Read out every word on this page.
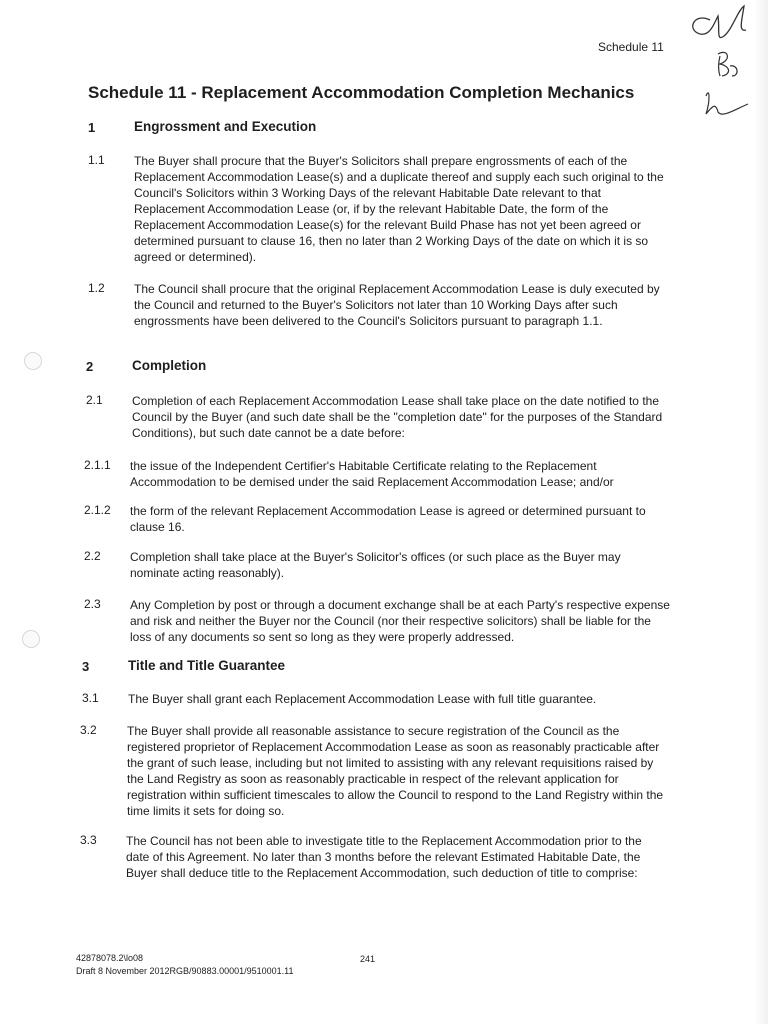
Schedule 11
Schedule 11 - Replacement Accommodation Completion Mechanics
1	Engrossment and Execution
1.1 The Buyer shall procure that the Buyer's Solicitors shall prepare engrossments of each of the Replacement Accommodation Lease(s) and a duplicate thereof and supply each such original to the Council's Solicitors within 3 Working Days of the relevant Habitable Date relevant to that Replacement Accommodation Lease (or, if by the relevant Habitable Date, the form of the Replacement Accommodation Lease(s) for the relevant Build Phase has not yet been agreed or determined pursuant to clause 16, then no later than 2 Working Days of the date on which it is so agreed or determined).
1.2 The Council shall procure that the original Replacement Accommodation Lease is duly executed by the Council and returned to the Buyer's Solicitors not later than 10 Working Days after such engrossments have been delivered to the Council's Solicitors pursuant to paragraph 1.1.
2	Completion
2.1 Completion of each Replacement Accommodation Lease shall take place on the date notified to the Council by the Buyer (and such date shall be the "completion date" for the purposes of the Standard Conditions), but such date cannot be a date before:
2.1.1 the issue of the Independent Certifier's Habitable Certificate relating to the Replacement Accommodation to be demised under the said Replacement Accommodation Lease; and/or
2.1.2 the form of the relevant Replacement Accommodation Lease is agreed or determined pursuant to clause 16.
2.2 Completion shall take place at the Buyer's Solicitor's offices (or such place as the Buyer may nominate acting reasonably).
2.3 Any Completion by post or through a document exchange shall be at each Party's respective expense and risk and neither the Buyer nor the Council (nor their respective solicitors) shall be liable for the loss of any documents so sent so long as they were properly addressed.
3	Title and Title Guarantee
3.1 The Buyer shall grant each Replacement Accommodation Lease with full title guarantee.
3.2	The Buyer shall provide all reasonable assistance to secure registration of the Council as the registered proprietor of Replacement Accommodation Lease as soon as reasonably practicable after the grant of such lease, including but not limited to assisting with any relevant requisitions raised by the Land Registry as soon as reasonably practicable in respect of the relevant application for registration within sufficient timescales to allow the Council to respond to the Land Registry within the time limits it sets for doing so.
3.3 The Council has not been able to investigate title to the Replacement Accommodation prior to the date of this Agreement. No later than 3 months before the relevant Estimated Habitable Date, the Buyer shall deduce title to the Replacement Accommodation, such deduction of title to comprise:
42878078.2\lo08
Draft 8 November 2012RGB/90883.00001/9510001.11
241
